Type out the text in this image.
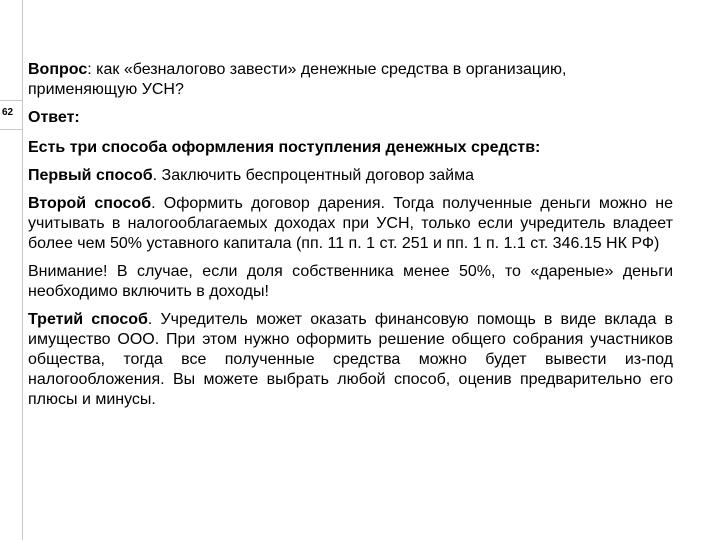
62

Вопрос: как «безналогово завести» денежные средства в организацию, применяющую УСН?

Ответ:

Есть три способа оформления поступления денежных средств:

Первый способ. Заключить беспроцентный договор займа

Второй способ. Оформить договор дарения. Тогда полученные деньги можно не учитывать в налогооблагаемых доходах при УСН, только если учредитель владеет более чем 50% уставного капитала (пп. 11 п. 1 ст. 251 и пп. 1 п. 1.1 ст. 346.15 НК РФ)

Внимание! В случае, если доля собственника менее 50%, то «дареные» деньги необходимо включить в доходы!

Третий способ. Учредитель может оказать финансовую помощь в виде вклада в имущество ООО. При этом нужно оформить решение общего собрания участников общества, тогда все полученные средства можно будет вывести из-под налогообложения. Вы можете выбрать любой способ, оценив предварительно его плюсы и минусы.
